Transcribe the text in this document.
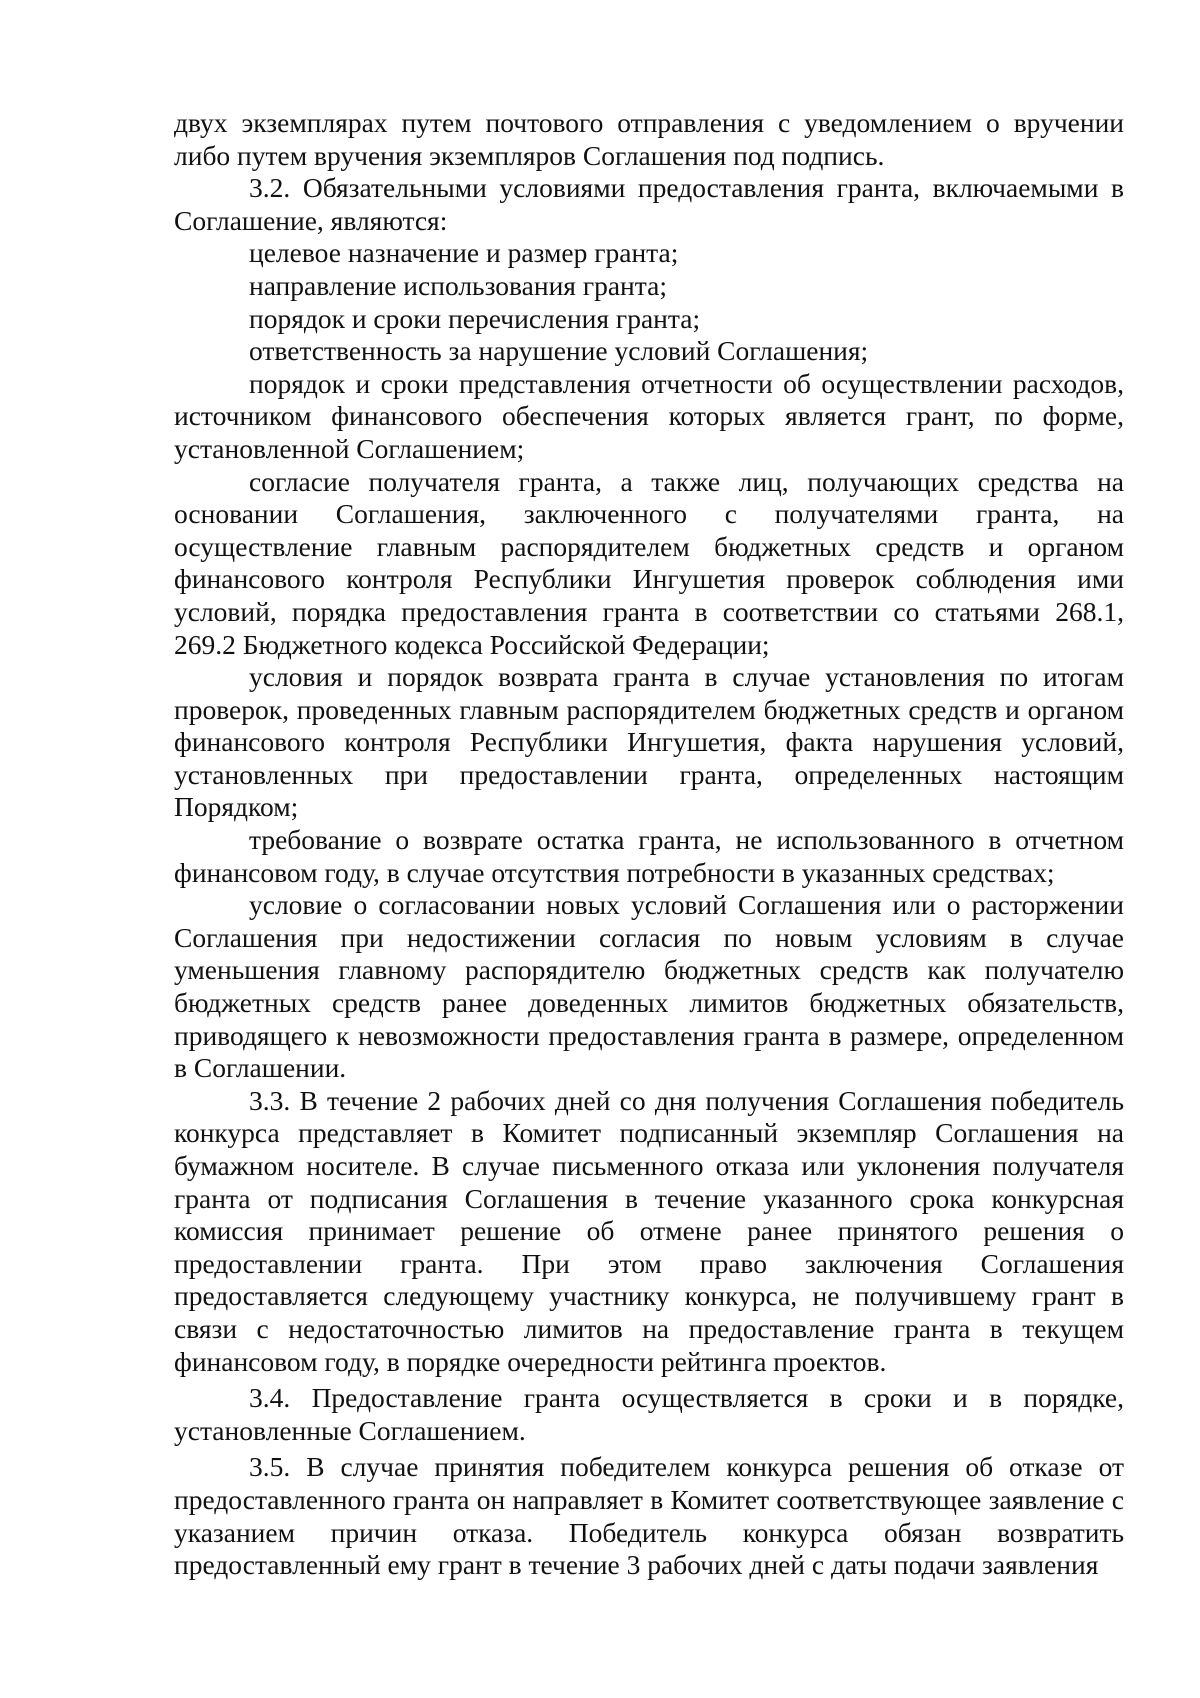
двух экземплярах путем почтового отправления с уведомлением о вручении либо путем вручения экземпляров Соглашения под подпись.

3.2. Обязательными условиями предоставления гранта, включаемыми в Соглашение, являются:

целевое назначение и размер гранта;

направление использования гранта;

порядок и сроки перечисления гранта;

ответственность за нарушение условий Соглашения;

порядок и сроки представления отчетности об осуществлении расходов, источником финансового обеспечения которых является грант, по форме, установленной Соглашением;

согласие получателя гранта, а также лиц, получающих средства на основании Соглашения, заключенного с получателями гранта, на осуществление главным распорядителем бюджетных средств и органом финансового контроля Республики Ингушетия проверок соблюдения ими условий, порядка предоставления гранта в соответствии со статьями 268.1, 269.2 Бюджетного кодекса Российской Федерации;

условия и порядок возврата гранта в случае установления по итогам проверок, проведенных главным распорядителем бюджетных средств и органом финансового контроля Республики Ингушетия, факта нарушения условий, установленных при предоставлении гранта, определенных настоящим Порядком;

требование о возврате остатка гранта, не использованного в отчетном финансовом году, в случае отсутствия потребности в указанных средствах;

условие о согласовании новых условий Соглашения или о расторжении Соглашения при недостижении согласия по новым условиям в случае уменьшения главному распорядителю бюджетных средств как получателю бюджетных средств ранее доведенных лимитов бюджетных обязательств, приводящего к невозможности предоставления гранта в размере, определенном в Соглашении.

3.3. В течение 2 рабочих дней со дня получения Соглашения победитель конкурса представляет в Комитет подписанный экземпляр Соглашения на бумажном носителе. В случае письменного отказа или уклонения получателя гранта от подписания Соглашения в течение указанного срока конкурсная комиссия принимает решение об отмене ранее принятого решения о предоставлении гранта. При этом право заключения Соглашения предоставляется следующему участнику конкурса, не получившему грант в связи с недостаточностью лимитов на предоставление гранта в текущем финансовом году, в порядке очередности рейтинга проектов.

3.4. Предоставление гранта осуществляется в сроки и в порядке, установленные Соглашением.

3.5. В случае принятия победителем конкурса решения об отказе от предоставленного гранта он направляет в Комитет соответствующее заявление с указанием причин отказа. Победитель конкурса обязан возвратить предоставленный ему грант в течение 3 рабочих дней с даты подачи заявления
